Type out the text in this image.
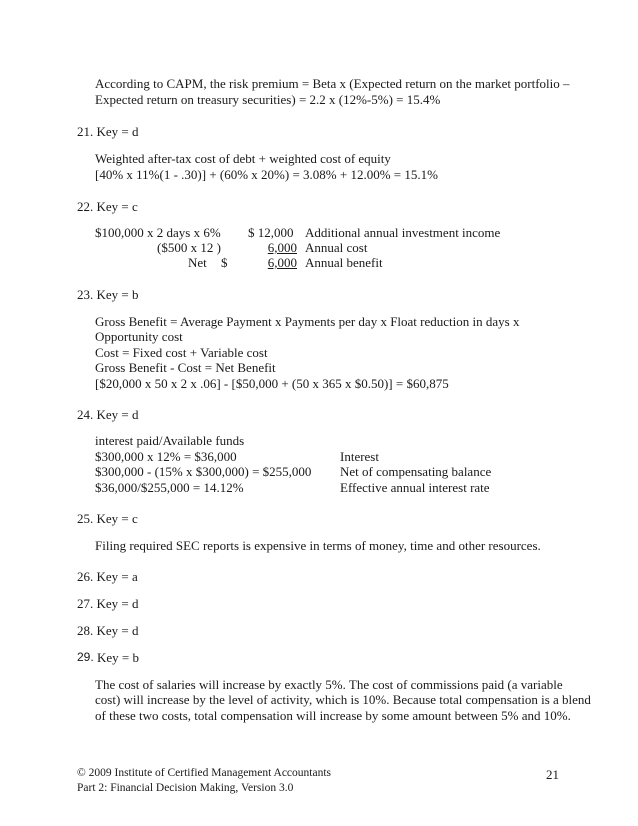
According to CAPM, the risk premium = Beta x (Expected return on the market portfolio –
Expected return on treasury securities) = 2.2 x (12%-5%) = 15.4%
21. Key = d
Weighted after-tax cost of debt + weighted cost of equity
[40% x 11%(1 - .30)] + (60% x 20%) = 3.08% + 12.00% = 15.1%
22. Key = c
$100,000 x 2 days x 6% $ 12,000 Additional annual investment income
($500 x 12 )	6,000 Annual cost
Net $	6,000 Annual benefit
23. Key = b
Gross Benefit = Average Payment x Payments per day x Float reduction in days x
Opportunity cost
Cost = Fixed cost + Variable cost
Gross Benefit - Cost = Net Benefit
[$20,000 x 50 x 2 x .06] - [$50,000 + (50 x 365 x $0.50)] = $60,875
24. Key = d
interest paid/Available funds
$300,000 x 12% = $36,000	Interest
$300,000 - (15% x $300,000) = $255,000 Net of compensating balance
$36,000/$255,000 = 14.12%	Effective annual interest rate
25. Key = c
Filing required SEC reports is expensive in terms of money, time and other resources.
26. Key = a
27. Key = d
28. Key = d
29. Key = b
The cost of salaries will increase by exactly 5%. The cost of commissions paid (a variable
cost) will increase by the level of activity, which is 10%. Because total compensation is a blend
of these two costs, total compensation will increase by some amount between 5% and 10%.
© 2009 Institute of Certified Management Accountants
Part 2: Financial Decision Making, Version 3.0
21
